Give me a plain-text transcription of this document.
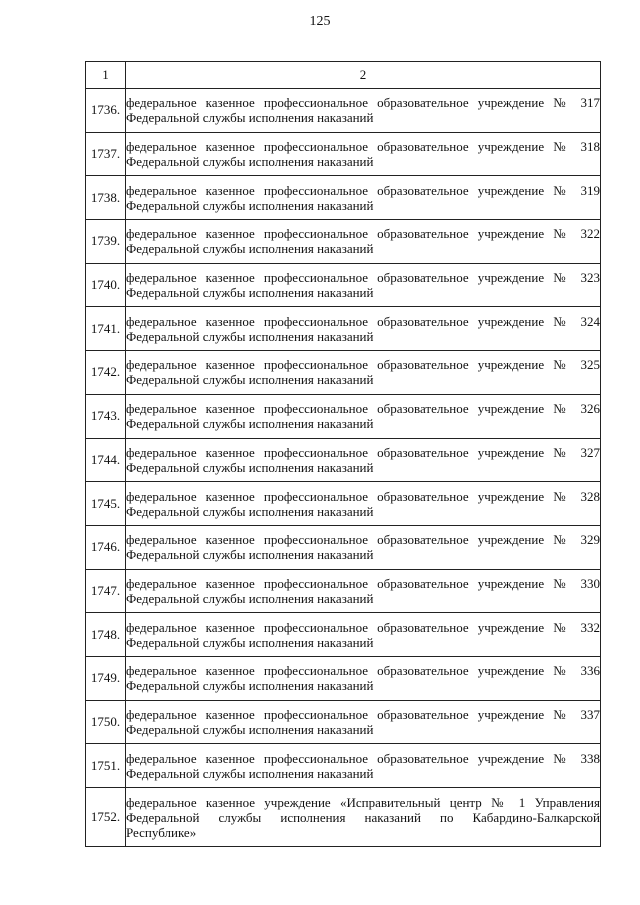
125
1	2
1736.	федеральное казенное профессиональное образовательное учреждение № 317
Федеральной службы исполнения наказаний

1737.	федеральное казенное профессиональное образовательное учреждение № 318
Федеральной службы исполнения наказаний

1738.	федеральное казенное профессиональное образовательное учреждение № 319
Федеральной службы исполнения наказаний

1739.	федеральное казенное профессиональное образовательное учреждение № 322
Федеральной службы исполнения наказаний

1740.	федеральное казенное профессиональное образовательное учреждение № 323
Федеральной службы исполнения наказаний

1741.	федеральное казенное профессиональное образовательное учреждение № 324
Федеральной службы исполнения наказаний

1742.	федеральное казенное профессиональное образовательное учреждение № 325
Федеральной службы исполнения наказаний

1743.	федеральное казенное профессиональное образовательное учреждение № 326
Федеральной службы исполнения наказаний

1744.	федеральное казенное профессиональное образовательное учреждение № 327
Федеральной службы исполнения наказаний

1745.	федеральное казенное профессиональное образовательное учреждение № 328
Федеральной службы исполнения наказаний

1746.	федеральное казенное профессиональное образовательное учреждение № 329
Федеральной службы исполнения наказаний

1747.	федеральное казенное профессиональное образовательное учреждение № 330
Федеральной службы исполнения наказаний

1748.	федеральное казенное профессиональное образовательное учреждение № 332
Федеральной службы исполнения наказаний

1749.	федеральное казенное профессиональное образовательное учреждение № 336
Федеральной службы исполнения наказаний

1750.	федеральное казенное профессиональное образовательное учреждение № 337
Федеральной службы исполнения наказаний

1751.	федеральное казенное профессиональное образовательное учреждение № 338
Федеральной службы исполнения наказаний

1752.	федеральное казенное учреждение «Исправительный центр № 1 Управления
Федеральной службы исполнения наказаний по Кабардино-Балкарской
Республике»
